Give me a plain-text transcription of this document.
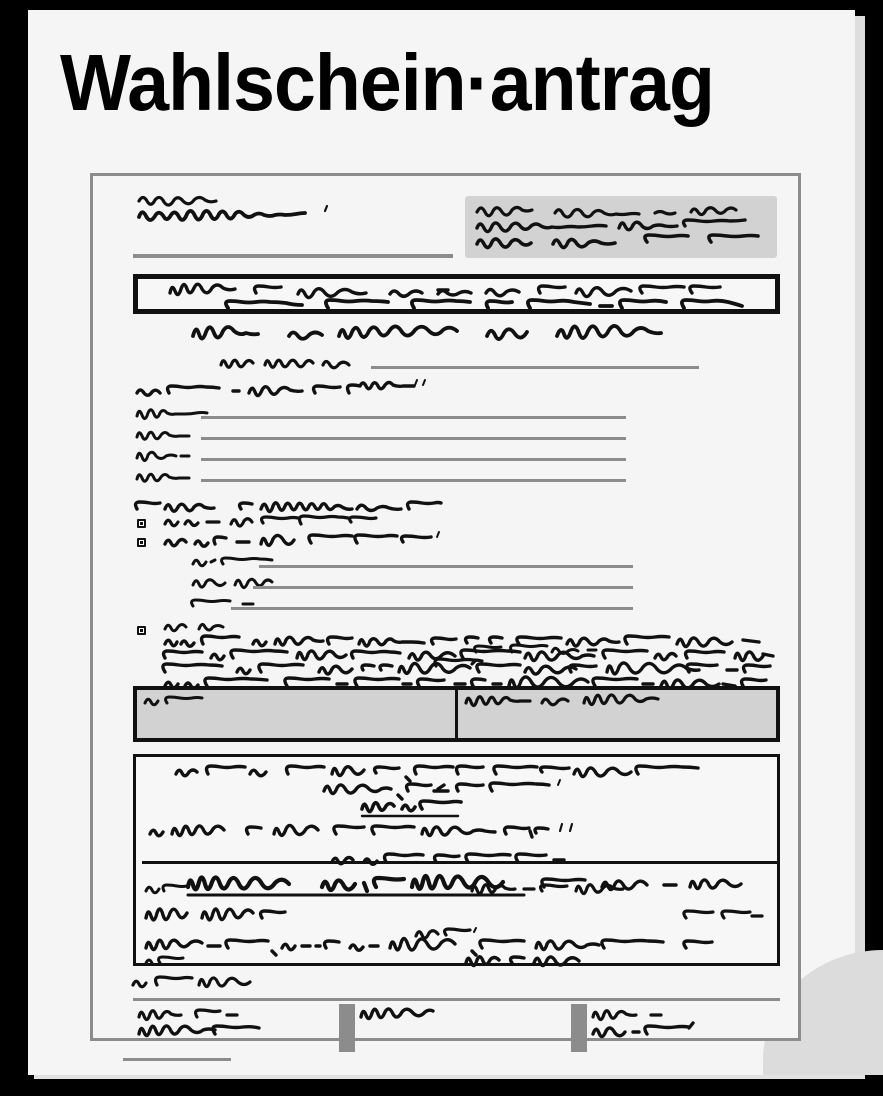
Wahlschein·antrag
